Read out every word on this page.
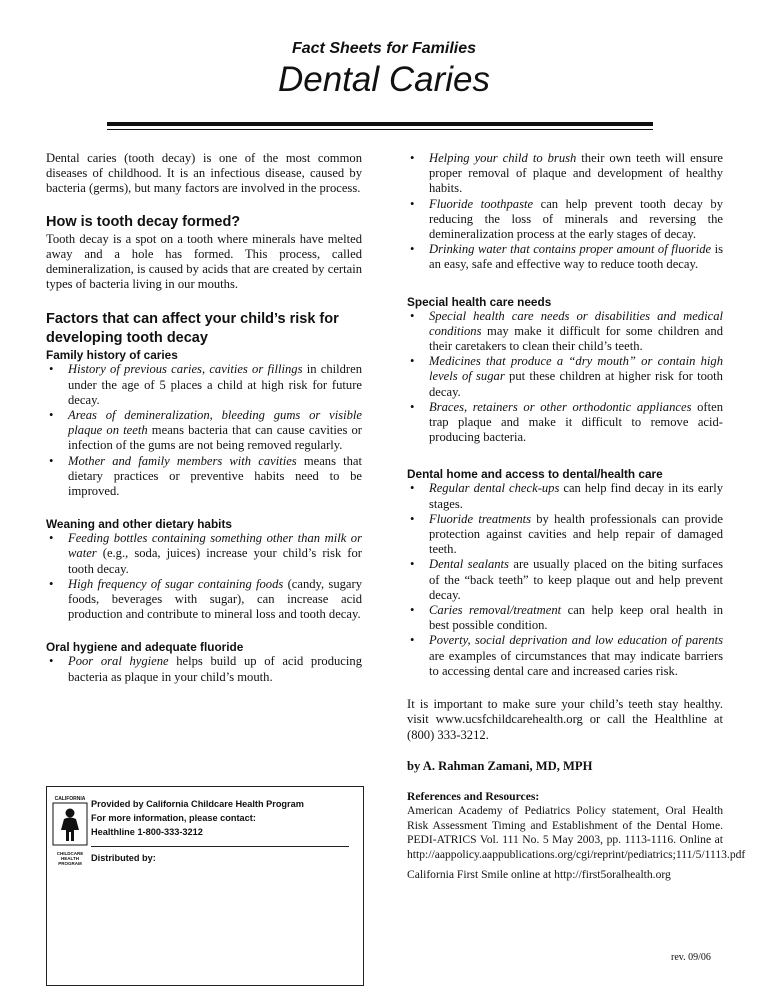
Fact Sheets for Families
Dental Caries

Dental caries (tooth decay) is one of the most common diseases of childhood. It is an infectious disease, caused by bacteria (germs), but many factors are involved in the process.

How is tooth decay formed?

Tooth decay is a spot on a tooth where minerals have melted away and a hole has formed. This process, called demineralization, is caused by acids that are created by certain types of bacteria living in our mouths.

Factors that can affect your child’s risk for developing tooth decay
Family history of caries
• History of previous caries, cavities or fillings in children under the age of 5 places a child at high risk for future decay.
• Areas of demineralization, bleeding gums or visible plaque on teeth means bacteria that can cause cavities or infection of the gums are not being removed regularly.
• Mother and family members with cavities means that dietary practices or preventive habits need to be improved.
Weaning and other dietary habits
• Feeding bottles containing something other than milk or water (e.g., soda, juices) increase your child’s risk for tooth decay.
• High frequency of sugar containing foods (candy, sugary foods, beverages with sugar), can increase acid production and contribute to mineral loss and tooth decay.
Oral hygiene and adequate fluoride
• Poor oral hygiene helps build up of acid producing bacteria as plaque in your child’s mouth.
CALIFORNIA
CHILDCARE
HEALTH
PROGRAM
Provided by California Childcare Health Program
For more information, please contact:
Healthline 1-800-333-3212
Distributed by:
• Helping your child to brush their own teeth will ensure proper removal of plaque and development of healthy habits.
• Fluoride toothpaste can help prevent tooth decay by reducing the loss of minerals and reversing the demineralization process at the early stages of decay.
• Drinking water that contains proper amount of fluoride is an easy, safe and effective way to reduce tooth decay.
Special health care needs
• Special health care needs or disabilities and medical conditions may make it difficult for some children and their caretakers to clean their child’s teeth.
• Medicines that produce a “dry mouth” or contain high levels of sugar put these children at higher risk for tooth decay.
• Braces, retainers or other orthodontic appliances often trap plaque and make it difficult to remove acid-producing bacteria.
Dental home and access to dental/health care
• Regular dental check-ups can help find decay in its early stages.
• Fluoride treatments by health professionals can provide protection against cavities and help repair of damaged teeth.
• Dental sealants are usually placed on the biting surfaces of the “back teeth” to keep plaque out and help prevent decay.
• Caries removal/treatment can help keep oral health in best possible condition.
• Poverty, social deprivation and low education of parents are examples of circumstances that may indicate barriers to accessing dental care and increased caries risk.

It is important to make sure your child’s teeth stay healthy. visit www.ucsfchildcarehealth.org or call the Healthline at (800) 333-3212.

by A. Rahman Zamani, MD, MPH

References and Resources:

American Academy of Pediatrics Policy statement, Oral Health Risk Assessment Timing and Establishment of the Dental Home. PEDI-ATRICS Vol. 111 No. 5 May 2003, pp. 1113-1116. Online at http://aappolicy.aappublications.org/cgi/reprint/pediatrics;111/5/1113.pdf

California First Smile online at http://first5oralhealth.org

rev. 09/06
